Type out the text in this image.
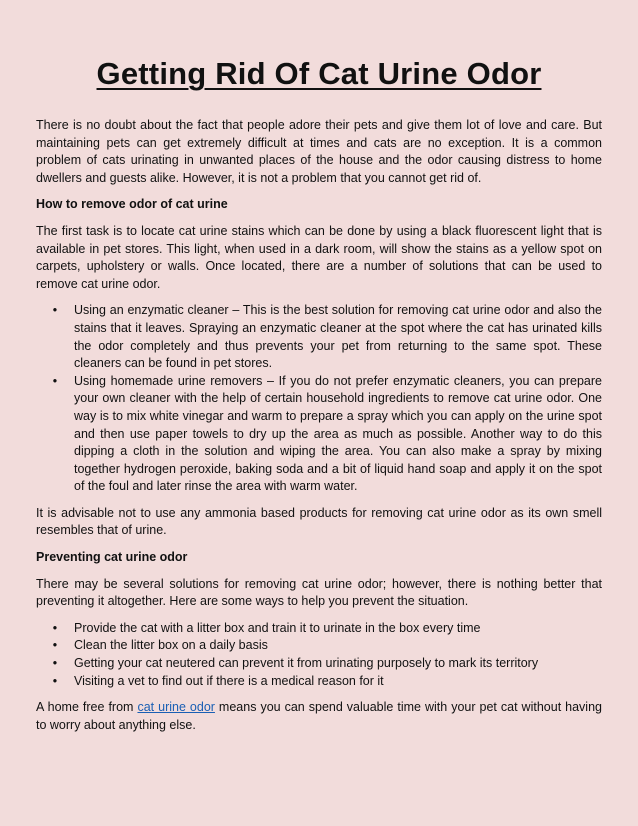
Getting Rid Of Cat Urine Odor

There is no doubt about the fact that people adore their pets and give them lot of love and care. But maintaining pets can get extremely difficult at times and cats are no exception. It is a common problem of cats urinating in unwanted places of the house and the odor causing distress to home dwellers and guests alike. However, it is not a problem that you cannot get rid of.

How to remove odor of cat urine

The first task is to locate cat urine stains which can be done by using a black fluorescent light that is available in pet stores. This light, when used in a dark room, will show the stains as a yellow spot on carpets, upholstery or walls. Once located, there are a number of solutions that can be used to remove cat urine odor.

• Using an enzymatic cleaner – This is the best solution for removing cat urine odor and also the stains that it leaves. Spraying an enzymatic cleaner at the spot where the cat has urinated kills the odor completely and thus prevents your pet from returning to the same spot. These cleaners can be found in pet stores.
• Using homemade urine removers – If you do not prefer enzymatic cleaners, you can prepare your own cleaner with the help of certain household ingredients to remove cat urine odor. One way is to mix white vinegar and warm to prepare a spray which you can apply on the urine spot and then use paper towels to dry up the area as much as possible. Another way to do this dipping a cloth in the solution and wiping the area. You can also make a spray by mixing together hydrogen peroxide, baking soda and a bit of liquid hand soap and apply it on the spot of the foul and later rinse the area with warm water.

It is advisable not to use any ammonia based products for removing cat urine odor as its own smell resembles that of urine.

Preventing cat urine odor

There may be several solutions for removing cat urine odor; however, there is nothing better that preventing it altogether. Here are some ways to help you prevent the situation.

• Provide the cat with a litter box and train it to urinate in the box every time
• Clean the litter box on a daily basis
• Getting your cat neutered can prevent it from urinating purposely to mark its territory
• Visiting a vet to find out if there is a medical reason for it

A home free from cat urine odor means you can spend valuable time with your pet cat without having to worry about anything else.
